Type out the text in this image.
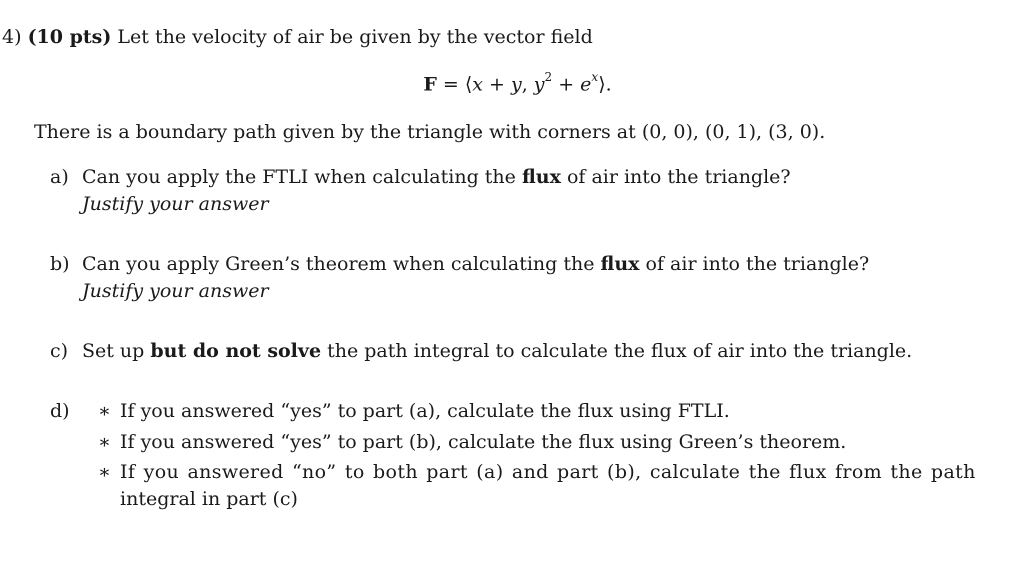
4) (10 pts) Let the velocity of air be given by the vector field
F = ⟨x + y, $y^2$ + $e^x⟩$.
There is a boundary path given by the triangle with corners at (0, 0), (0, 1), (3, 0).
a) Can you apply the FTLI when calculating the flux of air into the triangle?
Justify your answer
b) Can you apply Green’s theorem when calculating the flux of air into the triangle?
Justify your answer
c) Set up but do not solve the path integral to calculate the flux of air into the triangle.
d) ∗ If you answered “yes” to part (a), calculate the flux using FTLI.
∗ If you answered “yes” to part (b), calculate the flux using Green’s theorem.
∗ If you answered “no” to both part (a) and part (b), calculate the flux from the path
integral in part (c)
